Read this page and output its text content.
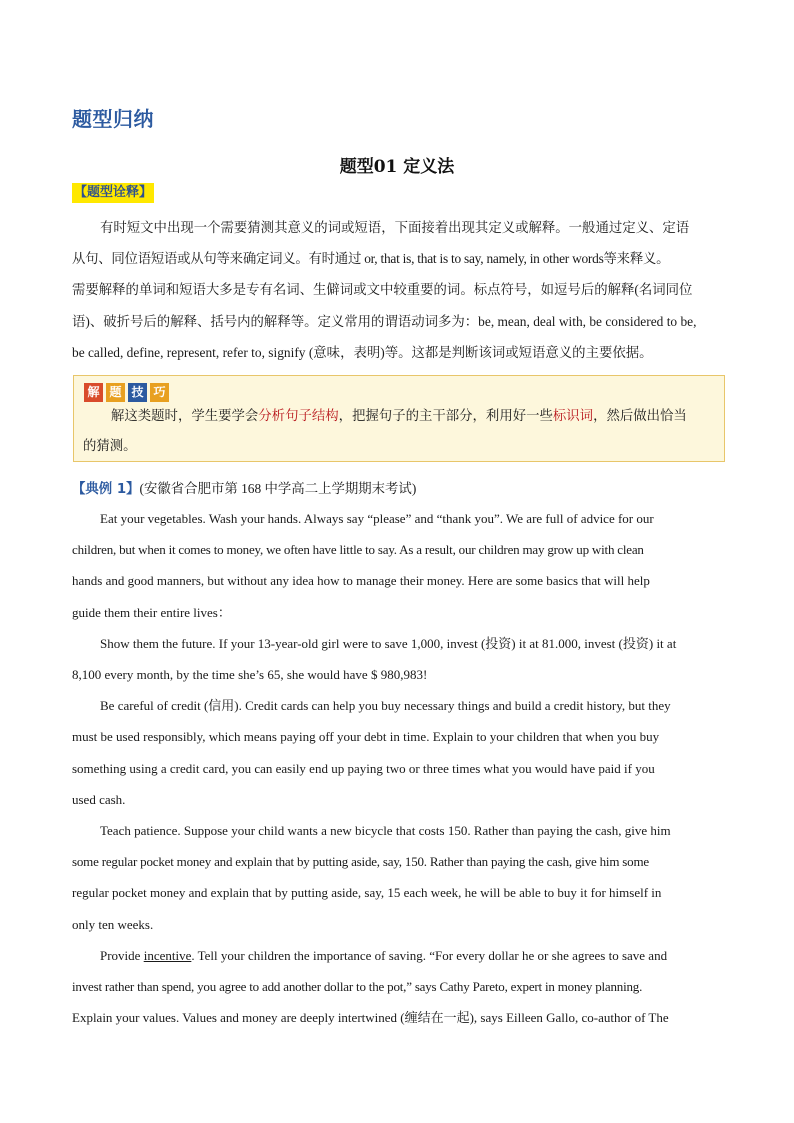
题型归纳
题型01 定义法
【题型诠释】

有时短文中出现一个需要猜测其意义的词或短语，下面接着出现其定义或解释。一般通过定义、定语

从句、同位语短语或从句等来确定词义。有时通过 or, that is, that is to say, namely, in other words等来释义。

需要解释的单词和短语大多是专有名词、生僻词或文中较重要的词。标点符号，如逗号后的解释(名词同位

语)、破折号后的解释、括号内的解释等。定义常用的谓语动词多为：be, mean, deal with, be considered to be,

be called, define, represent, refer to, signify (意味，表明)等。这都是判断该词或短语意义的主要依据。

解 题 技 巧
解这类题时，学生要学会分析句子结构，把握句子的主干部分，利用好一些标识词，然后做出恰当
的猜测。
【典例 1】(安徽省合肥市第 168 中学高二上学期期末考试)

Eat your vegetables. Wash your hands. Always say “please” and “thank you”. We are full of advice for our

children, but when it comes to money, we often have little to say. As a result, our children may grow up with clean

hands and good manners, but without any idea how to manage their money. Here are some basics that will help

guide them their entire lives：

Show them the future. If your 13-year-old girl were to save 1,000, invest (投资) it at 81.000, invest (投资) it at

8,100 every month, by the time she’s 65, she would have $ 980,983!

Be careful of credit (信用). Credit cards can help you buy necessary things and build a credit history, but they

must be used responsibly, which means paying off your debt in time. Explain to your children that when you buy

something using a credit card, you can easily end up paying two or three times what you would have paid if you

used cash.

Teach patience. Suppose your child wants a new bicycle that costs 150. Rather than paying the cash, give him

some regular pocket money and explain that by putting aside, say, 150. Rather than paying the cash, give him some

regular pocket money and explain that by putting aside, say, 15 each week, he will be able to buy it for himself in

only ten weeks.

Provide incentive. Tell your children the importance of saving. “For every dollar he or she agrees to save and

invest rather than spend, you agree to add another dollar to the pot,” says Cathy Pareto, expert in money planning.

Explain your values. Values and money are deeply intertwined (缠结在一起), says Eilleen Gallo, co-author of The
